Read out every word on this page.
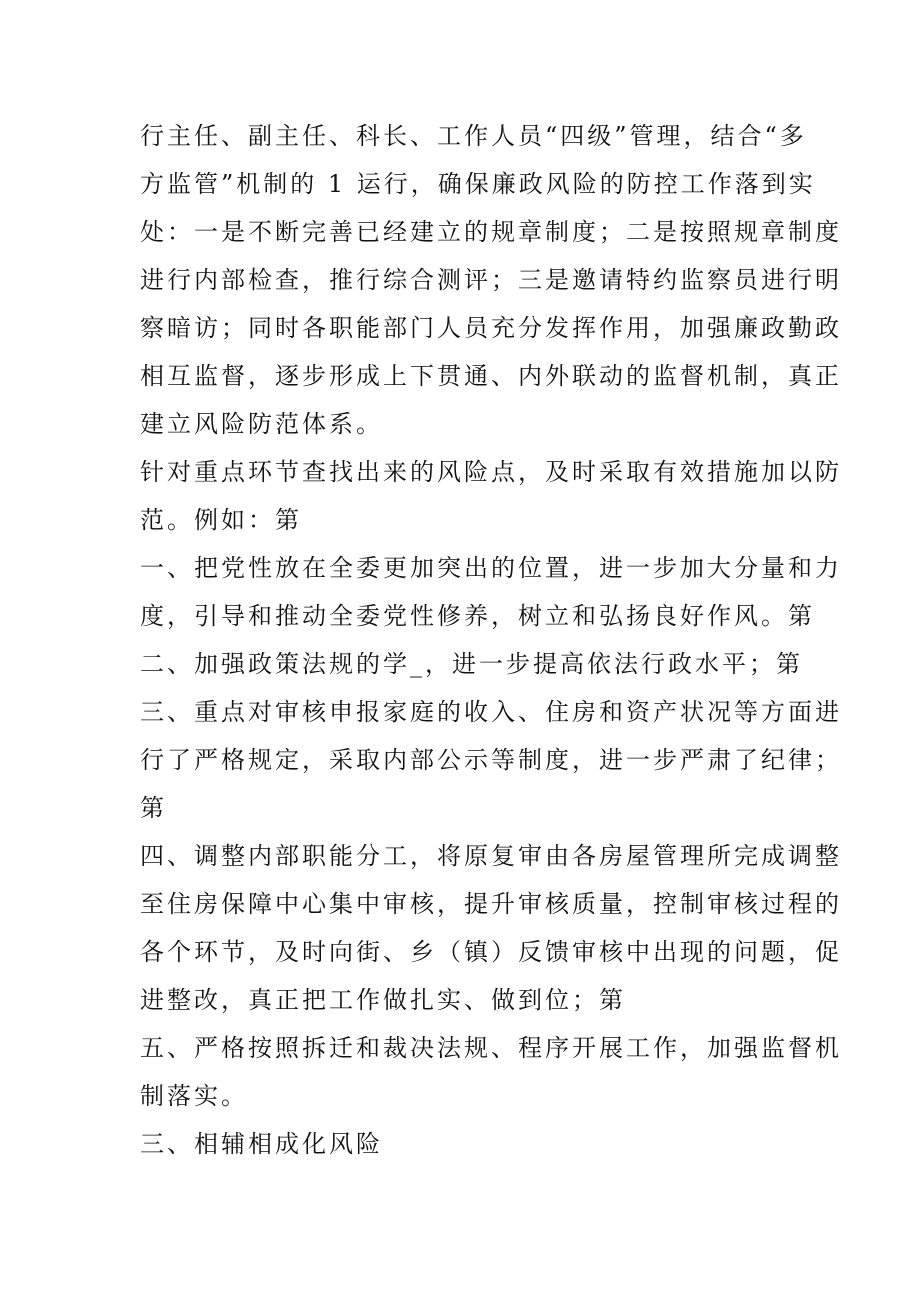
行主任、副主任、科长、工作人员“四级”管理，结合“多
方监管”机制的 1 运行，确保廉政风险的防控工作落到实
处：一是不断完善已经建立的规章制度；二是按照规章制度
进行内部检查，推行综合测评；三是邀请特约监察员进行明
察暗访；同时各职能部门人员充分发挥作用，加强廉政勤政
相互监督，逐步形成上下贯通、内外联动的监督机制，真正
建立风险防范体系。
针对重点环节查找出来的风险点，及时采取有效措施加以防
范。例如：第
一、把党性放在全委更加突出的位置，进一步加大分量和力
度，引导和推动全委党性修养，树立和弘扬良好作风。第
二、加强政策法规的学_，进一步提高依法行政水平；第
三、重点对审核申报家庭的收入、住房和资产状况等方面进
行了严格规定，采取内部公示等制度，进一步严肃了纪律；
第
四、调整内部职能分工，将原复审由各房屋管理所完成调整
至住房保障中心集中审核，提升审核质量，控制审核过程的
各个环节，及时向街、乡（镇）反馈审核中出现的问题，促
进整改，真正把工作做扎实、做到位；第
五、严格按照拆迁和裁决法规、程序开展工作，加强监督机
制落实。
三、相辅相成化风险
